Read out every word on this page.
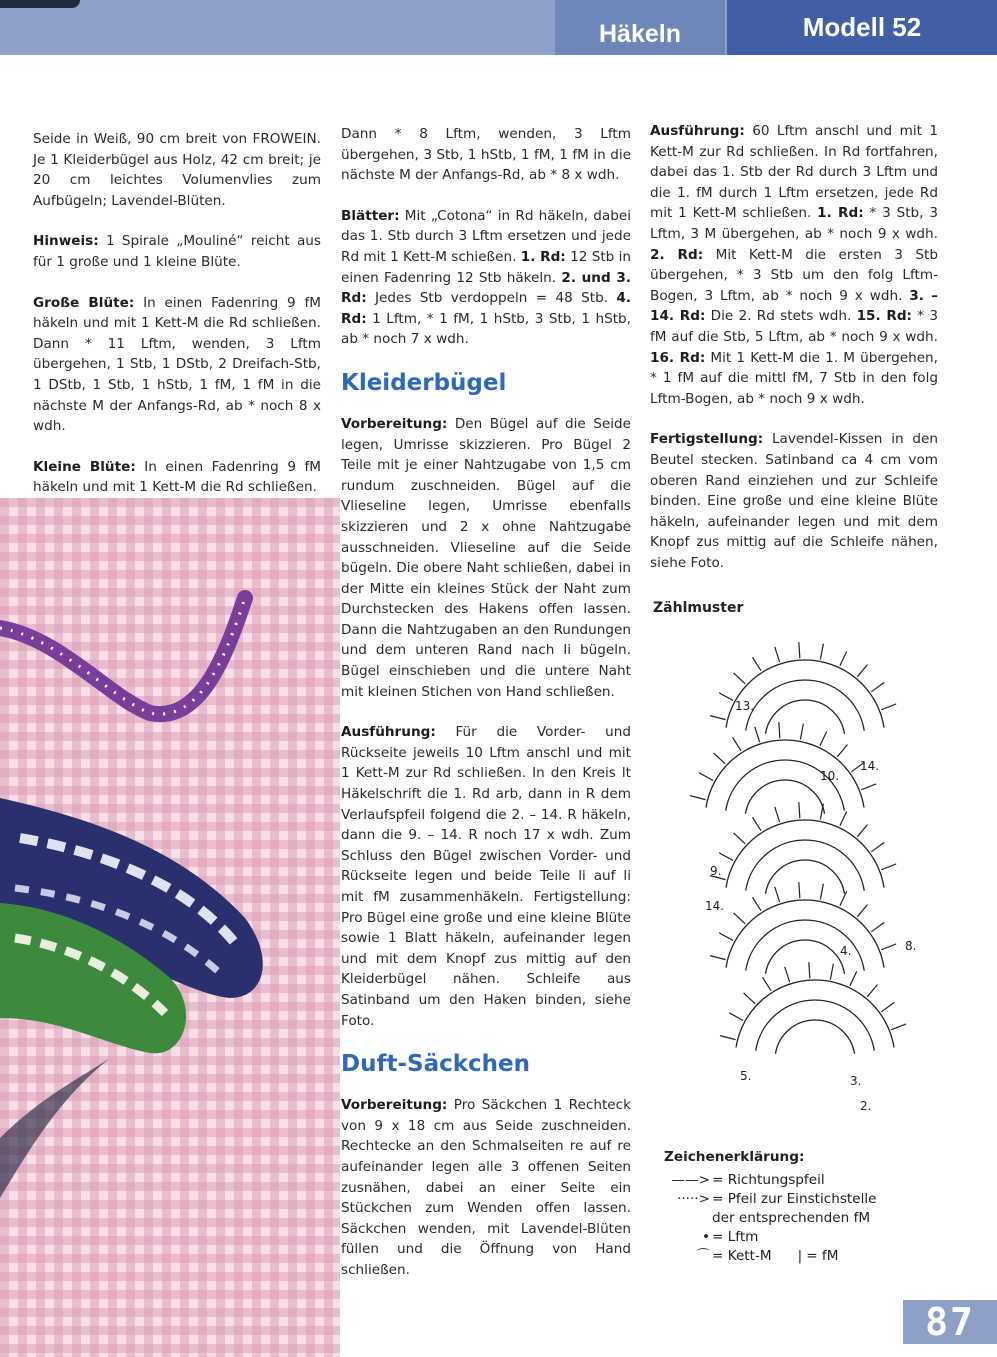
Häkeln	Modell 52

Seide in Weiß, 90 cm breit von FROWEIN. Je 1 Kleiderbügel aus Holz, 42 cm breit; je 20 cm leichtes Volumenvlies zum Aufbügeln; Lavendel-Blüten.

Hinweis: 1 Spirale „Mouliné“ reicht aus für 1 große und 1 kleine Blüte.

Große Blüte: In einen Fadenring 9 fM häkeln und mit 1 Kett-M die Rd schließen. Dann * 11 Lftm, wenden, 3 Lftm übergehen, 1 Stb, 1 DStb, 2 Dreifach-Stb, 1 DStb, 1 Stb, 1 hStb, 1 fM, 1 fM in die nächste M der Anfangs-Rd, ab * noch 8 x wdh.

Kleine Blüte: In einen Fadenring 9 fM häkeln und mit 1 Kett-M die Rd schließen.

Dann * 8 Lftm, wenden, 3 Lftm übergehen, 3 Stb, 1 hStb, 1 fM, 1 fM in die nächste M der Anfangs-Rd, ab * 8 x wdh.

Blätter: Mit „Cotona“ in Rd häkeln, dabei das 1. Stb durch 3 Lftm ersetzen und jede Rd mit 1 Kett-M schießen. 1. Rd: 12 Stb in einen Fadenring 12 Stb häkeln. 2. und 3. Rd: Jedes Stb verdoppeln = 48 Stb. 4. Rd: 1 Lftm, * 1 fM, 1 hStb, 3 Stb, 1 hStb, ab * noch 7 x wdh.

Kleiderbügel

Vorbereitung: Den Bügel auf die Seide legen, Umrisse skizzieren. Pro Bügel 2 Teile mit je einer Nahtzugabe von 1,5 cm rundum zuschneiden. Bügel auf die Vlieseline legen, Umrisse ebenfalls skizzieren und 2 x ohne Nahtzugabe ausschneiden. Vlieseline auf die Seide bügeln. Die obere Naht schließen, dabei in der Mitte ein kleines Stück der Naht zum Durchstecken des Hakens offen lassen. Dann die Nahtzugaben an den Rundungen und dem unteren Rand nach li bügeln. Bügel einschieben und die untere Naht mit kleinen Stichen von Hand schließen.

Ausführung: Für die Vorder- und Rückseite jeweils 10 Lftm anschl und mit 1 Kett-M zur Rd schließen. In den Kreis lt Häkelschrift die 1. Rd arb, dann in R dem Verlaufspfeil folgend die 2. – 14. R häkeln, dann die 9. – 14. R noch 17 x wdh. Zum Schluss den Bügel zwischen Vorder- und Rückseite legen und beide Teile li auf li mit fM zusammenhäkeln. Fertigstellung: Pro Bügel eine große und eine kleine Blüte sowie 1 Blatt häkeln, aufeinander legen und mit dem Knopf zus mittig auf den Kleiderbügel nähen. Schleife aus Satinband um den Haken binden, siehe Foto.

Duft-Säckchen

Vorbereitung: Pro Säckchen 1 Rechteck von 9 x 18 cm aus Seide zuschneiden. Rechtecke an den Schmalseiten re auf re aufeinander legen alle 3 offenen Seiten zusnähen, dabei an einer Seite ein Stückchen zum Wenden offen lassen. Säckchen wenden, mit Lavendel-Blüten füllen und die Öffnung von Hand schließen.

Ausführung: 60 Lftm anschl und mit 1 Kett-M zur Rd schließen. In Rd fortfahren, dabei das 1. Stb der Rd durch 3 Lftm und die 1. fM durch 1 Lftm ersetzen, jede Rd mit 1 Kett-M schließen. 1. Rd: * 3 Stb, 3 Lftm, 3 M übergehen, ab * noch 9 x wdh. 2. Rd: Mit Kett-M die ersten 3 Stb übergehen, * 3 Stb um den folg Lftm-Bogen, 3 Lftm, ab * noch 9 x wdh. 3. – 14. Rd: Die 2. Rd stets wdh. 15. Rd: * 3 fM auf die Stb, 5 Lftm, ab * noch 9 x wdh. 16. Rd: Mit 1 Kett-M die 1. M übergehen, * 1 fM auf die mittl fM, 7 Stb in den folg Lftm-Bogen, ab * noch 9 x wdh.

Fertigstellung: Lavendel-Kissen in den Beutel stecken. Satinband ca 4 cm vom oberen Rand einziehen und zur Schleife binden. Eine große und eine kleine Blüte häkeln, aufeinander legen und mit dem Knopf zus mittig auf die Schleife nähen, siehe Foto.

Zählmuster
13.
14.
10.
9.
14.
8.
4.
5.	3.
2.
Zeichenerklärung:
——> = Richtungspfeil
·····> = Pfeil zur Einstichstelle
der entsprechenden fM
• = Lftm
⌒ = Kett-M | = fM
87
